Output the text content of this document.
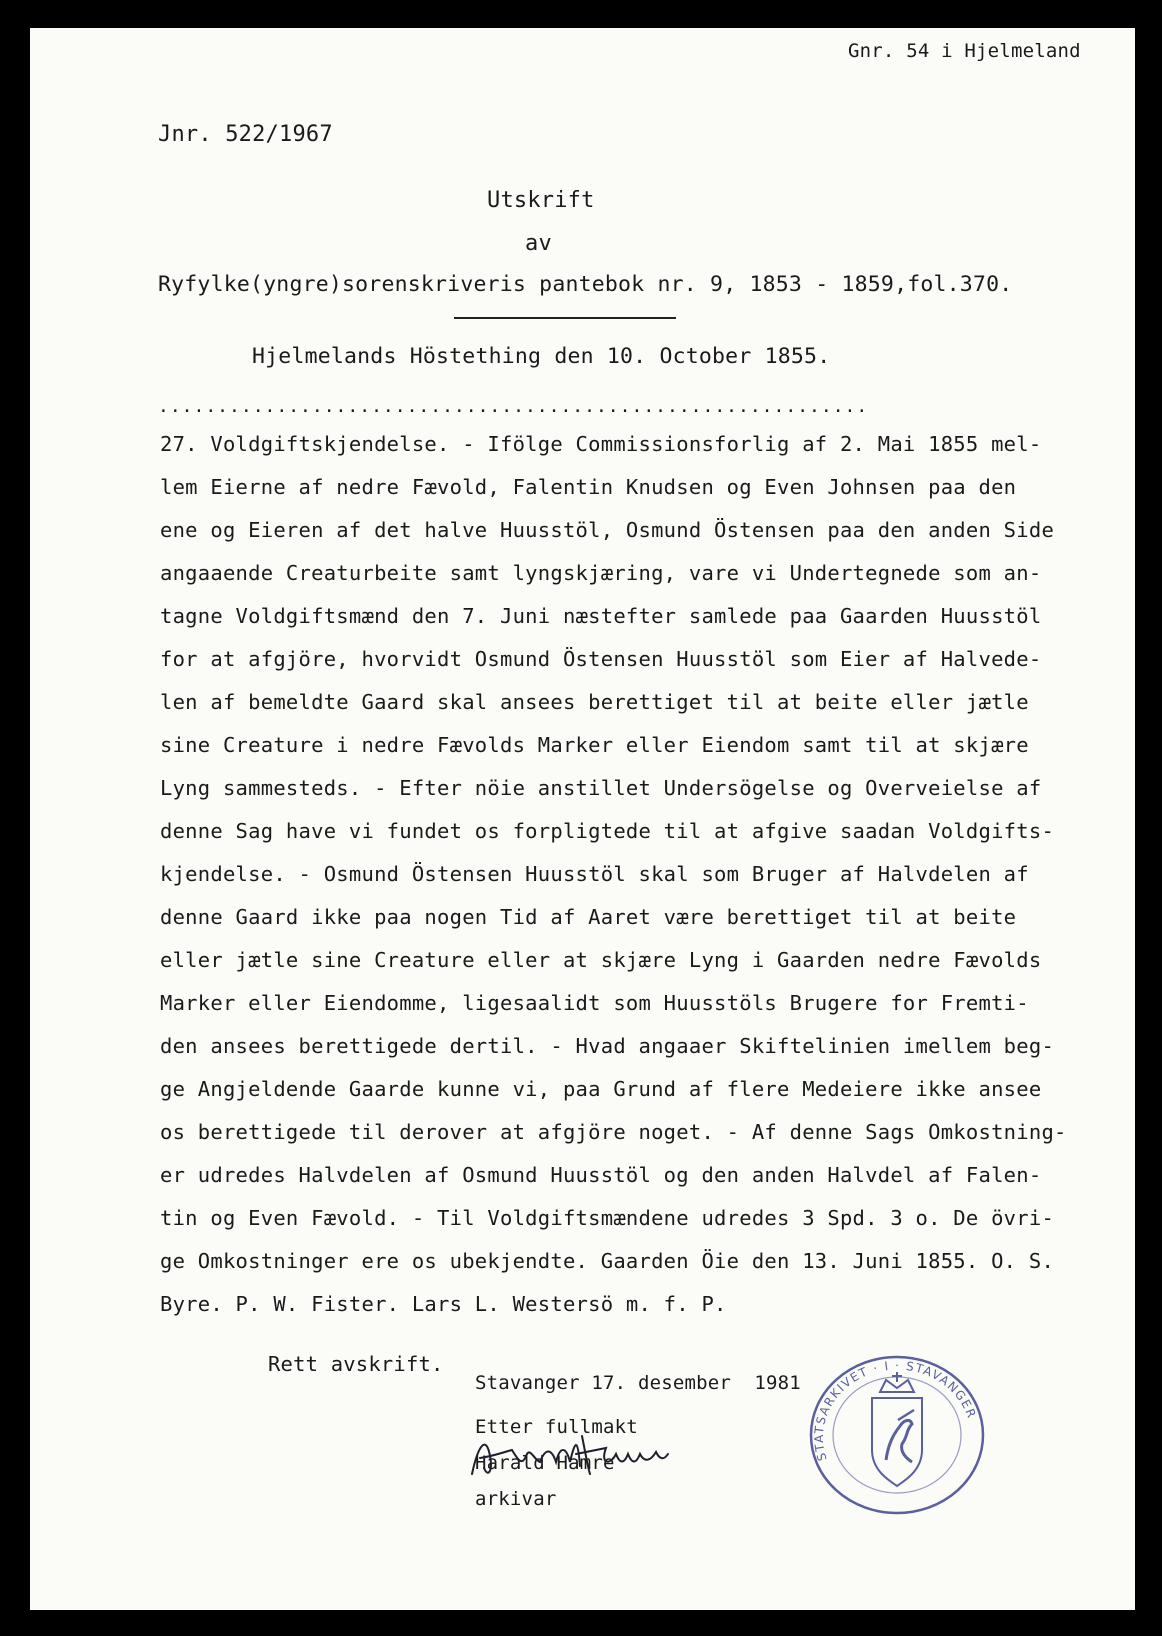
Gnr. 54 i Hjelmeland
Jnr. 522/1967
Utskrift
av
Ryfylke(yngre)sorenskriveris pantebok nr. 9, 1853 - 1859,fol.370.
Hjelmelands Höstething den 10. October 1855.
............................................................
27. Voldgiftskjendelse. - Ifölge Commissionsforlig af 2. Mai 1855 mel-
lem Eierne af nedre Fævold, Falentin Knudsen og Even Johnsen paa den
ene og Eieren af det halve Huusstöl, Osmund Östensen paa den anden Side
angaaende Creaturbeite samt lyngskjæring, vare vi Undertegnede som an-
tagne Voldgiftsmænd den 7. Juni næstefter samlede paa Gaarden Huusstöl
for at afgjöre, hvorvidt Osmund Östensen Huusstöl som Eier af Halvede-
len af bemeldte Gaard skal ansees berettiget til at beite eller jætle
sine Creature i nedre Fævolds Marker eller Eiendom samt til at skjære
Lyng sammesteds. - Efter nöie anstillet Undersögelse og Overveielse af
denne Sag have vi fundet os forpligtede til at afgive saadan Voldgifts-
kjendelse. - Osmund Östensen Huusstöl skal som Bruger af Halvdelen af
denne Gaard ikke paa nogen Tid af Aaret være berettiget til at beite
eller jætle sine Creature eller at skjære Lyng i Gaarden nedre Fævolds
Marker eller Eiendomme, ligesaalidt som Huusstöls Brugere for Fremti-
den ansees berettigede dertil. - Hvad angaaer Skiftelinien imellem beg-
ge Angjeldende Gaarde kunne vi, paa Grund af flere Medeiere ikke ansee
os berettigede til derover at afgjöre noget. - Af denne Sags Omkostning-
er udredes Halvdelen af Osmund Huusstöl og den anden Halvdel af Falen-
tin og Even Fævold. - Til Voldgiftsmændene udredes 3 Spd. 3 o. De övri-
ge Omkostninger ere os ubekjendte. Gaarden Öie den 13. Juni 1855. O. S.
Byre. P. W. Fister. Lars L. Westersö m. f. P.
Rett avskrift.
Stavanger 17. desember  1981
Etter fullmakt
Harald Hamre
arkivar
STATSARKIVET · I · STAVANGER
